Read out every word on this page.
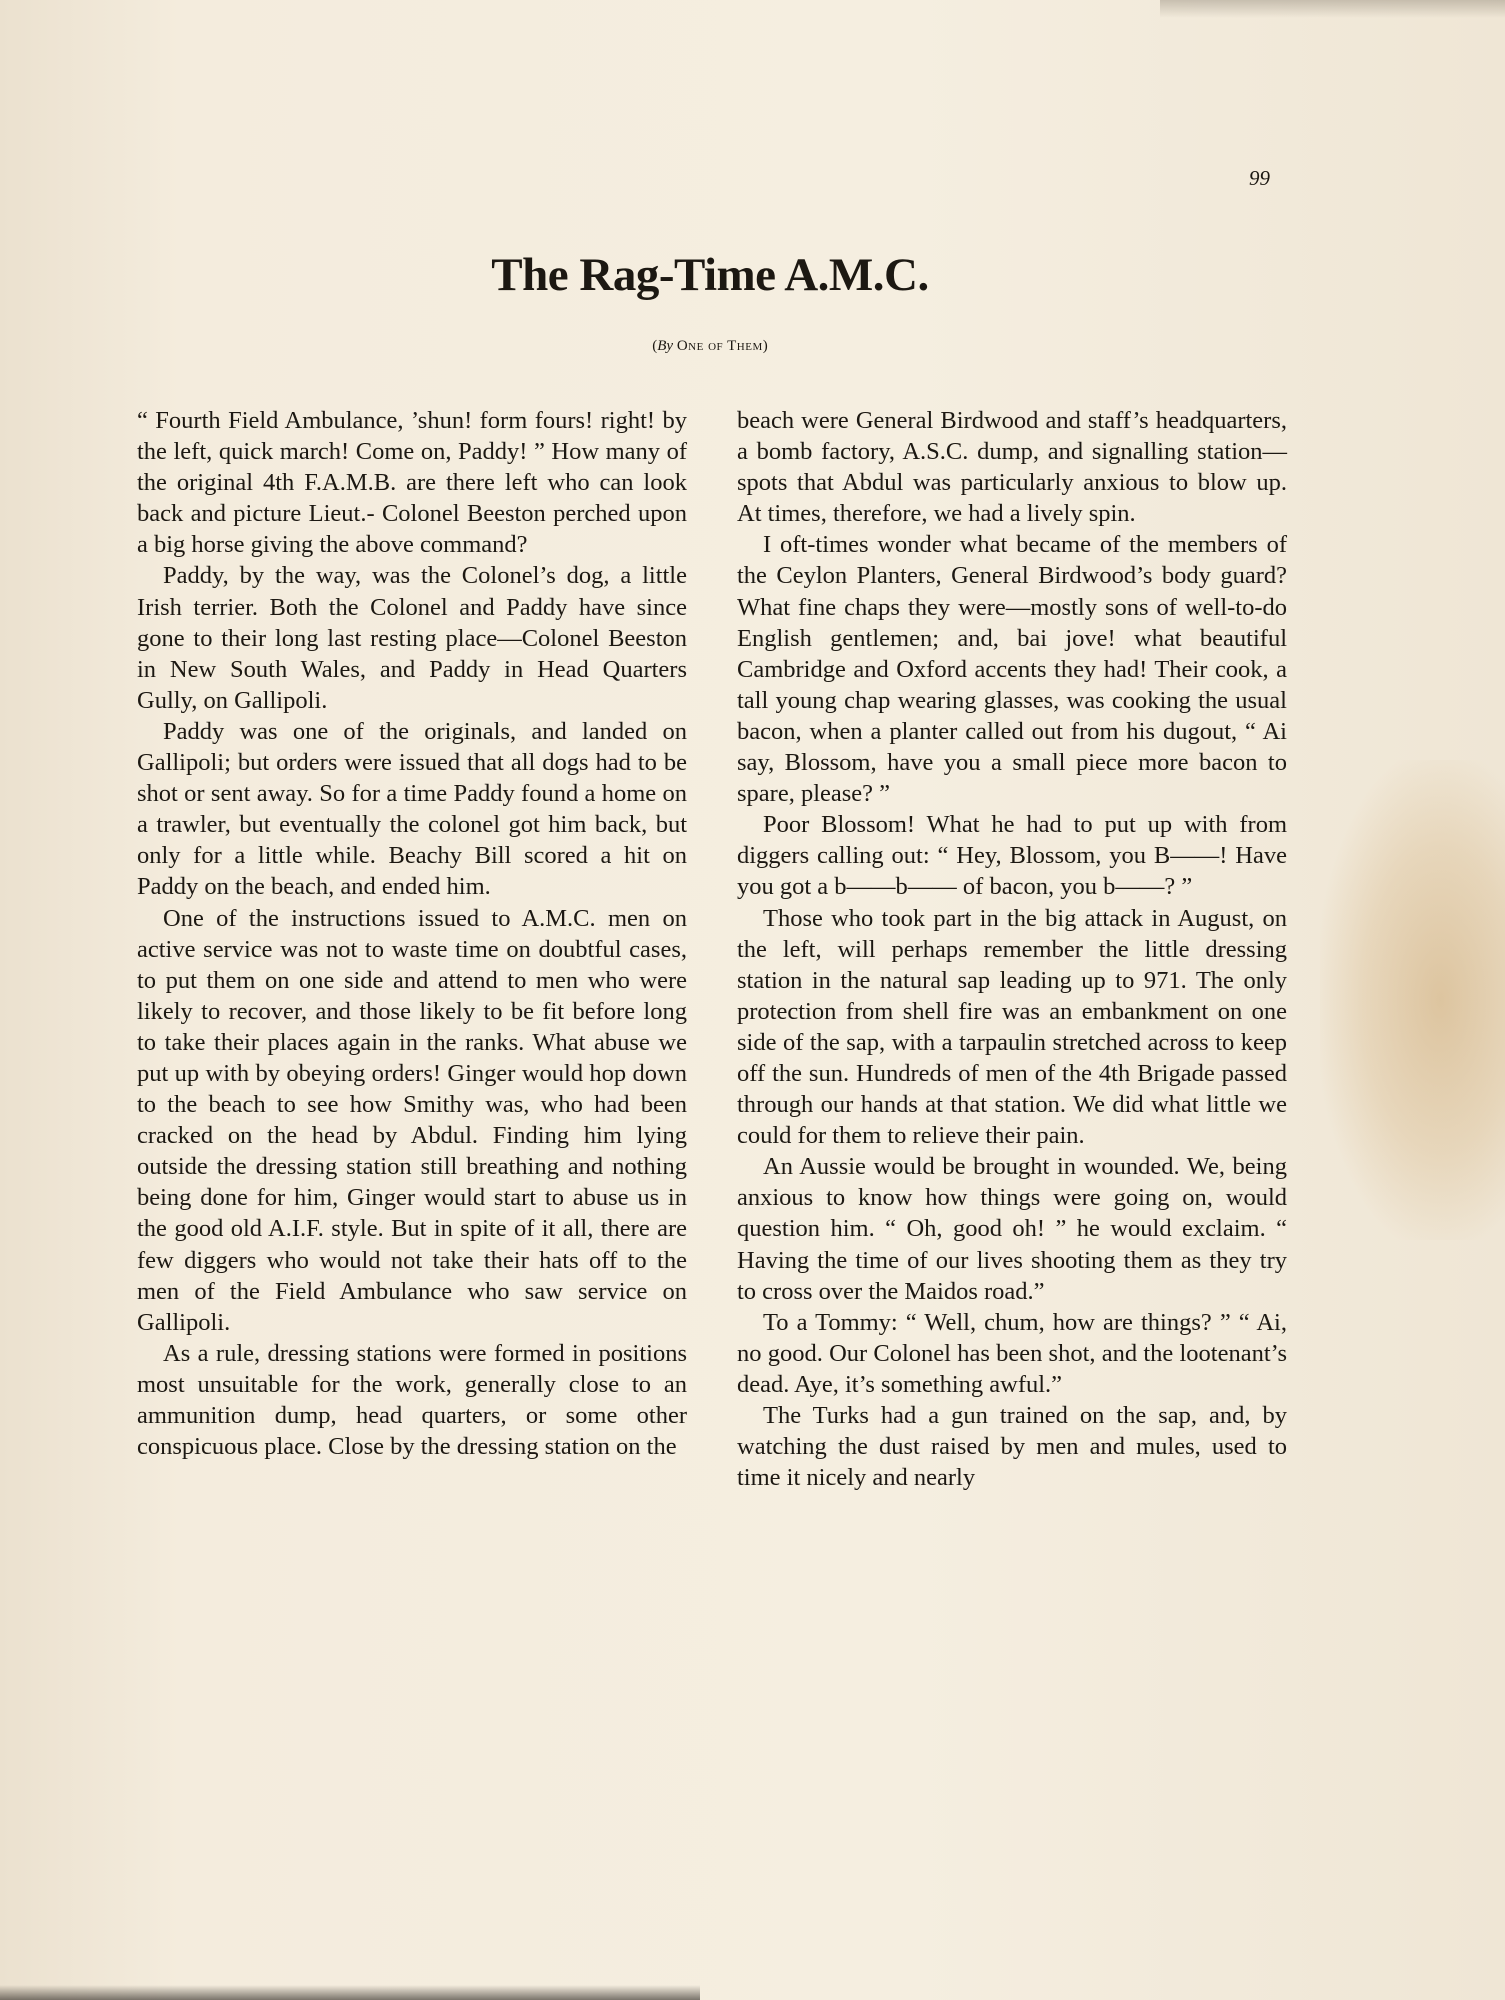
99
The Rag-Time A.M.C.
(By One of Them)

“ Fourth Field Ambulance, ’shun! form fours! right! by the left, quick march! Come on, Paddy! ” How many of the original 4th F.A.M.B. are there left who can look back and picture Lieut.- Colonel Beeston perched upon a big horse giving the above command?

Paddy, by the way, was the Colonel’s dog, a little Irish terrier. Both the Colonel and Paddy have since gone to their long last resting place—Colonel Beeston in New South Wales, and Paddy in Head Quarters Gully, on Gallipoli.

Paddy was one of the originals, and landed on Gallipoli; but orders were issued that all dogs had to be shot or sent away. So for a time Paddy found a home on a trawler, but eventually the colonel got him back, but only for a little while. Beachy Bill scored a hit on Paddy on the beach, and ended him.

One of the instructions issued to A.M.C. men on active service was not to waste time on doubtful cases, to put them on one side and attend to men who were likely to recover, and those likely to be fit before long to take their places again in the ranks. What abuse we put up with by obeying orders! Ginger would hop down to the beach to see how Smithy was, who had been cracked on the head by Abdul. Finding him lying outside the dressing station still breathing and nothing being done for him, Ginger would start to abuse us in the good old A.I.F. style. But in spite of it all, there are few diggers who would not take their hats off to the men of the Field Ambulance who saw service on Gallipoli.

As a rule, dressing stations were formed in positions most unsuitable for the work, generally close to an ammunition dump, head quarters, or some other conspicuous place. Close by the dressing station on the

beach were General Birdwood and staff’s headquarters, a bomb factory, A.S.C. dump, and signalling station—spots that Abdul was particularly anxious to blow up. At times, therefore, we had a lively spin.

I oft-times wonder what became of the members of the Ceylon Planters, General Birdwood’s body guard? What fine chaps they were—mostly sons of well-to-do English gentlemen; and, bai jove! what beautiful Cambridge and Oxford accents they had! Their cook, a tall young chap wearing glasses, was cooking the usual bacon, when a planter called out from his dugout, “ Ai say, Blossom, have you a small piece more bacon to spare, please? ”

Poor Blossom! What he had to put up with from diggers calling out: “ Hey, Blossom, you B——! Have you got a b——b—— of bacon, you b——? ”

Those who took part in the big attack in August, on the left, will perhaps remember the little dressing station in the natural sap leading up to 971. The only protection from shell fire was an embankment on one side of the sap, with a tarpaulin stretched across to keep off the sun. Hundreds of men of the 4th Brigade passed through our hands at that station. We did what little we could for them to relieve their pain.

An Aussie would be brought in wounded. We, being anxious to know how things were going on, would question him. “ Oh, good oh! ” he would exclaim. “ Having the time of our lives shooting them as they try to cross over the Maidos road.”

To a Tommy: “ Well, chum, how are things? ” “ Ai, no good. Our Colonel has been shot, and the lootenant’s dead. Aye, it’s something awful.”

The Turks had a gun trained on the sap, and, by watching the dust raised by men and mules, used to time it nicely and nearly
